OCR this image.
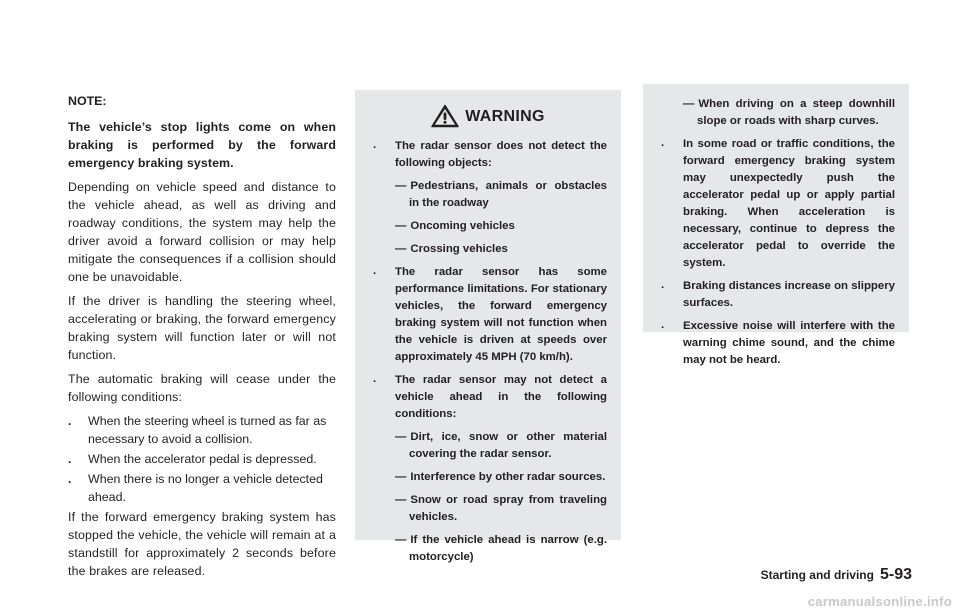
NOTE:

The vehicle’s stop lights come on when braking is performed by the forward emergency braking system.

Depending on vehicle speed and distance to the vehicle ahead, as well as driving and roadway conditions, the system may help the driver avoid a forward collision or may help mitigate the consequences if a collision should one be unavoidable.

If the driver is handling the steering wheel, accelerating or braking, the forward emergency braking system will function later or will not function.

The automatic braking will cease under the following conditions:

. When the steering wheel is turned as far as necessary to avoid a collision.
. When the accelerator pedal is depressed.
. When there is no longer a vehicle detected ahead.

If the forward emergency braking system has stopped the vehicle, the vehicle will remain at a standstill for approximately 2 seconds before the brakes are released.

WARNING
. The radar sensor does not detect the following objects:
— Pedestrians, animals or obstacles in the roadway
— Oncoming vehicles
— Crossing vehicles
. The radar sensor has some performance limitations. For stationary vehicles, the forward emergency braking system will not function when the vehicle is driven at speeds over approximately 45 MPH (70 km/h).
. The radar sensor may not detect a vehicle ahead in the following conditions:
— Dirt, ice, snow or other material covering the radar sensor.
— Interference by other radar sources.
— Snow or road spray from traveling vehicles.
— If the vehicle ahead is narrow (e.g. motorcycle)
— When driving on a steep downhill slope or roads with sharp curves.
. In some road or traffic conditions, the forward emergency braking system may unexpectedly push the accelerator pedal up or apply partial braking. When acceleration is necessary, continue to depress the accelerator pedal to override the system.
. Braking distances increase on slippery surfaces.
. Excessive noise will interfere with the warning chime sound, and the chime may not be heard.
Starting and driving 5-93
carmanualsonline.info
